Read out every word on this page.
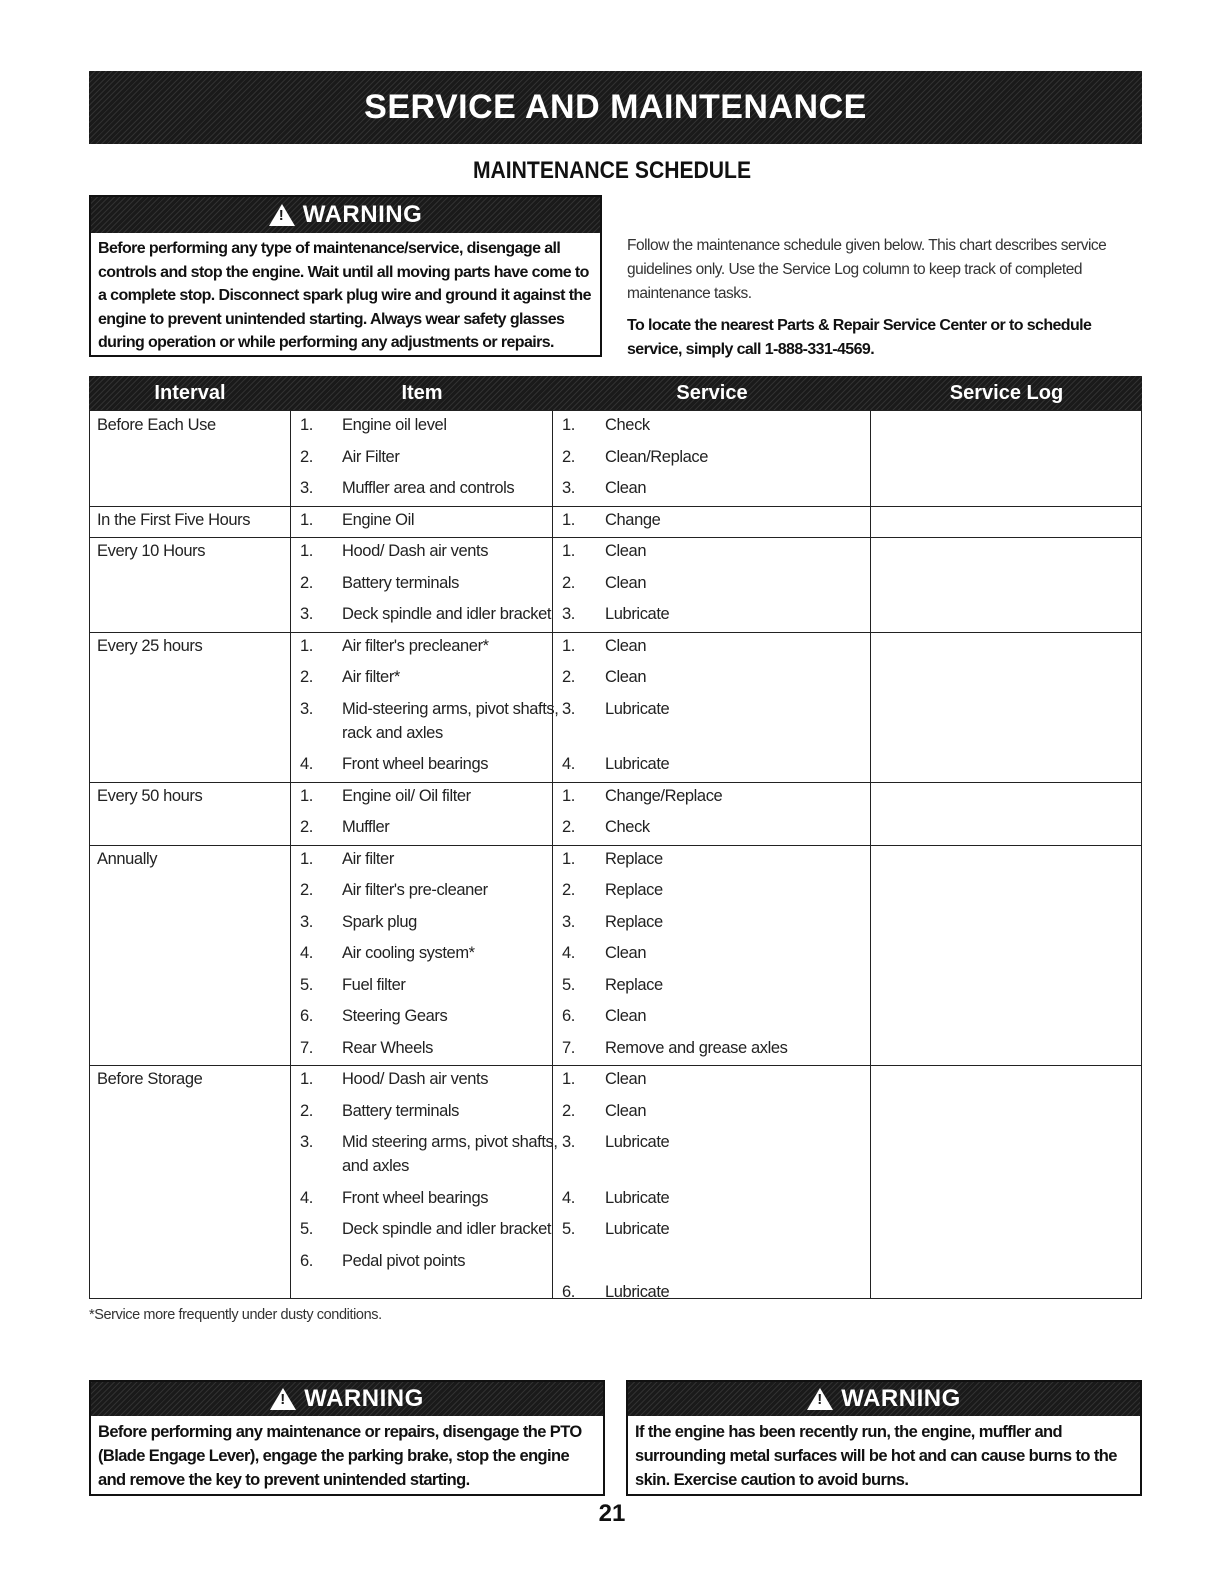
SERVICE AND MAINTENANCE
MAINTENANCE SCHEDULE
!
WARNING
Before performing any type of maintenance/service, disengage all controls and stop the engine. Wait until all moving parts have come to a complete stop. Disconnect spark plug wire and ground it against the engine to prevent unintended starting. Always wear safety glasses during operation or while performing any adjustments or repairs.
Follow the maintenance schedule given below. This chart describes service guidelines only. Use the Service Log column to keep track of completed maintenance tasks.
To locate the nearest Parts & Repair Service Center or to schedule service, simply call 1-888-331-4569.
Interval	Item	Service	Service Log
Before Each Use	1. Engine oil level	1. Check
2. Air Filter	2. Clean/Replace
3. Muffler area and controls	3. Clean
In the First Five Hours	1. Engine Oil	1. Change
Every 10 Hours	1. Hood/ Dash air vents	1. Clean
2. Battery terminals	2. Clean
3. Deck spindle and idler bracket 3. Lubricate
Every 25 hours	1. Air filter's precleaner*	1. Clean
2. Air filter*	2. Clean
3. Mid-steering arms, pivot shafts, 3. Lubricate
rack and axles
4. Front wheel bearings	4. Lubricate
Every 50 hours	1. Engine oil/ Oil filter	1. Change/Replace
2. Muffler	2. Check
Annually	1. Air filter	1. Replace
2. Air filter's pre-cleaner	2. Replace
3. Spark plug	3. Replace
4. Air cooling system*	4. Clean
5. Fuel filter	5. Replace
6. Steering Gears	6. Clean
7. Rear Wheels	7. Remove and grease axles
Before Storage	1. Hood/ Dash air vents	1. Clean
2. Battery terminals	2. Clean
3. Mid steering arms, pivot shafts, 3. Lubricate
and axles
4. Front wheel bearings	4. Lubricate
5. Deck spindle and idler bracket 5. Lubricate
6. Pedal pivot points
6. Lubricate
*Service more frequently under dusty conditions.
!
WARNING
Before performing any maintenance or repairs, disengage the PTO (Blade Engage Lever), engage the parking brake, stop the engine and remove the key to prevent unintended starting.
!
WARNING
If the engine has been recently run, the engine, muffler and surrounding metal surfaces will be hot and can cause burns to the skin. Exercise caution to avoid burns.
21
